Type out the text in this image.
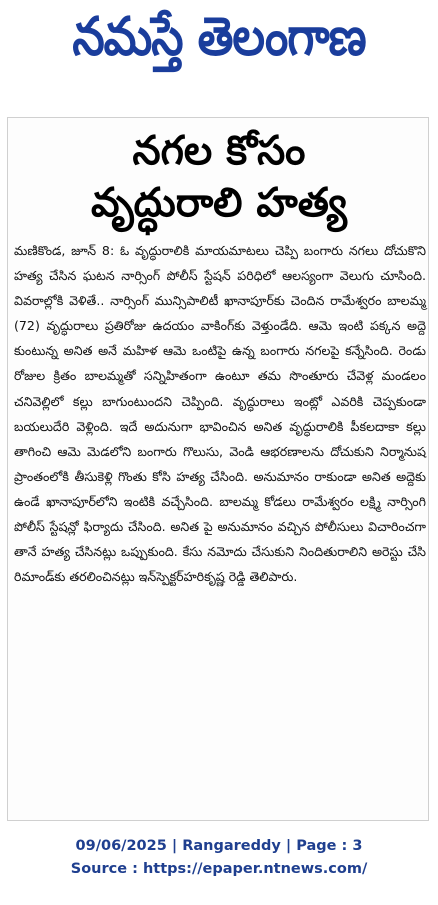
నమస్తే తెలంగాణ
నగల కోసం
వృద్ధురాలి హత్య

మణికొండ, జూన్ 8: ఓ వృద్ధురాలికి మాయమాటలు చెప్పి బంగారు నగలు దోచుకొని హత్య చేసిన ఘటన నార్సింగ్ పోలీస్ స్టేషన్ పరిధిలో ఆలస్యంగా వెలుగు చూసింది. వివరాల్లోకి వెళితే.. నార్సింగ్ మున్సిపాలిటీ ఖానాపూర్‌కు చెందిన రామేశ్వరం బాలమ్మ (72) వృద్ధురాలు ప్రతిరోజు ఉదయం వాకింగ్‌కు వెళ్తుండేది. ఆమె ఇంటి పక్కన అద్దె కుంటున్న అనిత అనే మహిళ ఆమె ఒంటిపై ఉన్న బంగారు నగలపై కన్నేసింది. రెండు రోజుల క్రితం బాలమ్మతో సన్నిహితంగా ఉంటూ తమ సొంతూరు చేవెళ్ల మండలం చనివెల్లిలో కల్లు బాగుంటుందని చెప్పింది. వృద్ధురాలు ఇంట్లో ఎవరికి చెప్పకుండా బయలుదేరి వెళ్లింది. ఇదే అదునుగా భావించిన అనిత వృద్ధురాలికి పీకలదాకా కల్లు తాగించి ఆమె మెడలోని బంగారు గొలుసు, వెండి ఆభరణాలను దోచుకుని నిర్మానుష ప్రాంతంలోకి తీసుకెళ్లి గొంతు కోసి హత్య చేసింది. అనుమానం రాకుండా అనిత అద్దెకు ఉండే ఖానాపూర్‌లోని ఇంటికి వచ్చేసింది. బాలమ్మ కోడలు రామేశ్వరం లక్ష్మి నార్సింగి పోలీస్ స్టేషన్లో ఫిర్యాదు చేసింది. అనిత పై అనుమానం వచ్చిన పోలీసులు విచారించగా తానే హత్య చేసినట్లు ఒప్పుకుంది. కేసు నమోదు చేసుకుని నిందితురాలిని అరెస్టు చేసి రిమాండ్‌కు తరలించినట్లు ఇన్‌స్పెక్టర్‌హరికృష్ణ రెడ్డి తెలిపారు.

09/06/2025 | Rangareddy | Page : 3
Source : https://epaper.ntnews.com/
